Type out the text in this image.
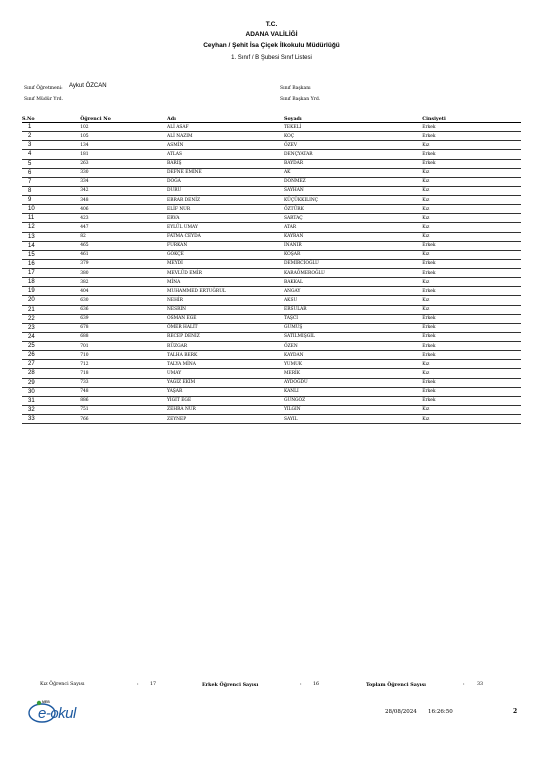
T.C.
ADANA VALİLİĞİ
Ceyhan / Şehit İsa Çiçek İlkokulu Müdürlüğü
1. Sınıf / B Şubesi Sınıf Listesi
Sınıf Öğretmeni: Aykut ÖZCAN
Sınıf Müdür Yrd.
Sınıf Başkanı
Sınıf Başkan Yrd.
S.No	Öğrenci No	Adı	Soyadı	Cinsiyeti
1	102	ALİ ASAF	TEKELİ	Erkek
2	105	ALİ NAZIM	KOÇ	Erkek
3	134	ASMİN	ÖZEV	Kız
4	181	ATLAS	DENÇYATAR	Erkek
5	263	BARIŞ	BAYDAR	Erkek
6	330	DEFNE EMİNE	AK	Kız
7	334	DOĞA	DÖNMEZ	Kız
8	342	DURU	SAYHAN	Kız
9	348	EBRAR DENİZ	KÜÇÜKKILINÇ	Kız
10	406	ELİF NUR	ÖZTÜRK	Kız
11	423	ERVA	SARTAÇ	Kız
12	447	EYLÜL UMAY	ATAR	Kız
13	82	FATMA CEYDA	KAYRAN	Kız
14	465	FURKAN	İNANIR	Erkek
15	461	GÖKÇE	KOŞAR	Kız
16	379	MEYDİ	DEMİRCİOĞLU	Erkek
17	380	MEVLÜD EMİR	KARAÖMEROĞLU	Erkek
18	382	MİNA	BAKKAL	Kız
19	404	MUHAMMED ERTUĞRUL	ANGAY	Erkek
20	630	NEHİR	AKSU	Kız
21	636	NESRİN	ERSULAR	Kız
22	639	OSMAN EGE	TAŞCI	Erkek
23	678	ÖMER HALİT	GÜMÜŞ	Erkek
24	688	RECEP DENİZ	SATILMIŞGİL	Erkek
25	701	RÜZGAR	ÖZEN	Erkek
26	710	TALHA BERK	KAYDAN	Erkek
27	712	TALYA MİNA	YUMUK	Kız
28	718	UMAY	MERİK	Kız
29	733	YAĞIZ EKİM	AYDOĞDU	Erkek
30	748	YAŞAR	KANLI	Erkek
31	886	YİĞİT EGE	GÜNGÖZ	Erkek
32	751	ZEHRA NUR	YILGIN	Kız
33	766	ZEYNEP	SAYIL	Kız
Kız Öğrenci Sayısı	: 17	Erkek Öğrenci Sayısı	: 16	Toplam Öğrenci Sayısı	:	33
MEB
e-okul	28/08/2024 16:26:50	2
